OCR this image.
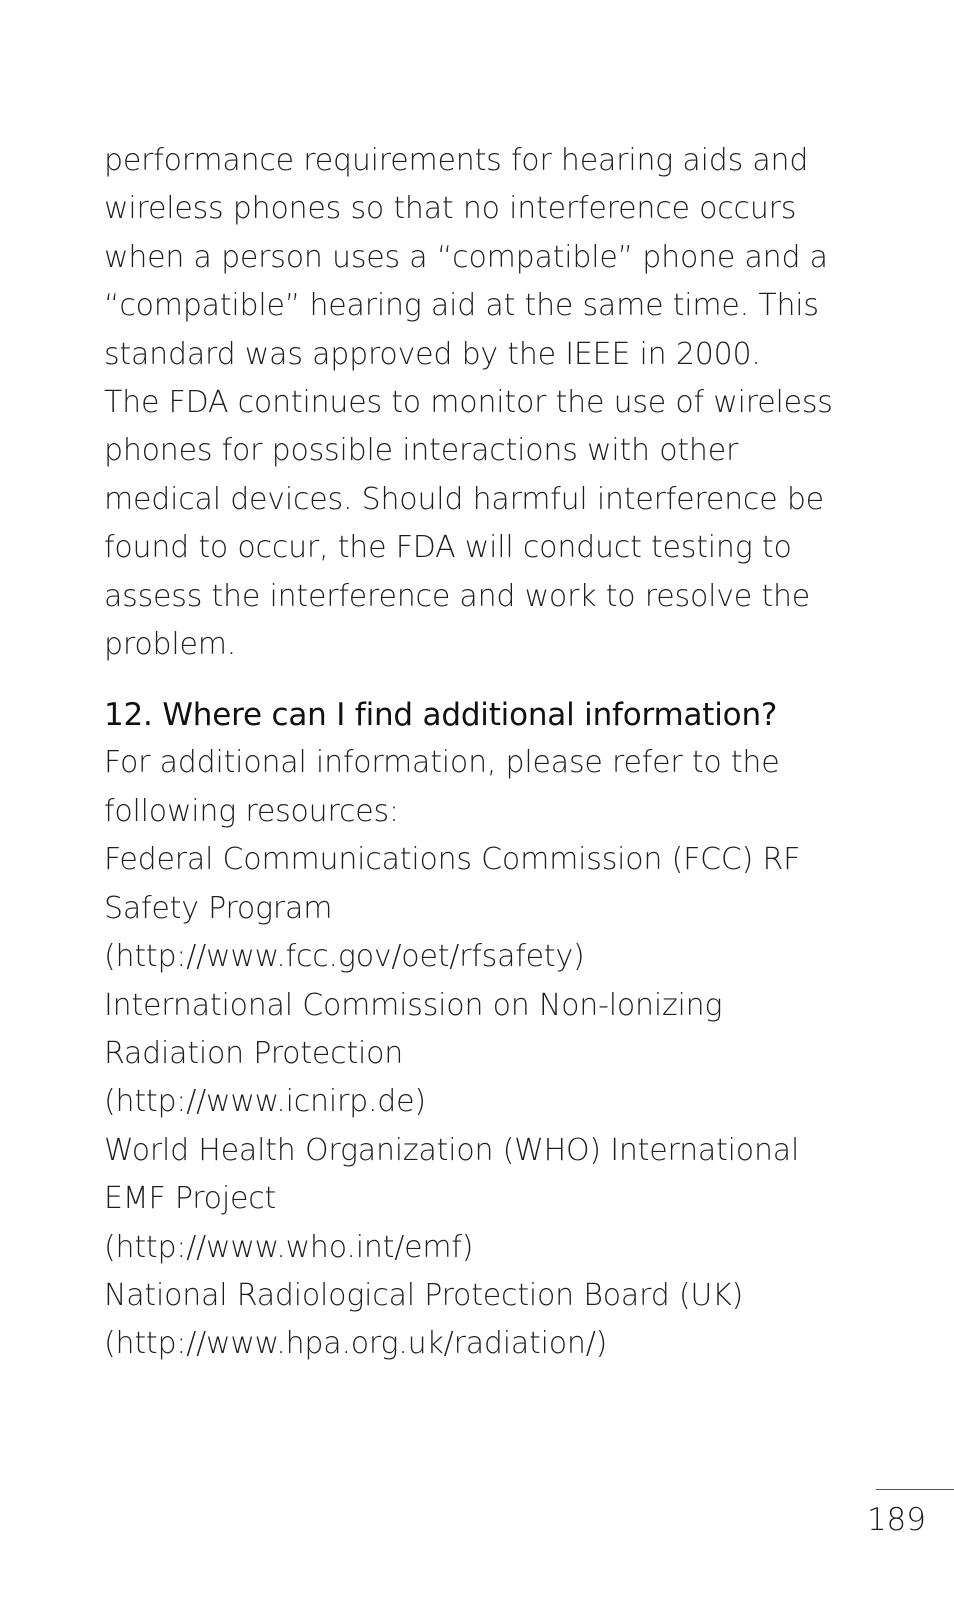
performance requirements for hearing aids and
wireless phones so that no interference occurs
when a person uses a “compatible” phone and a
“compatible” hearing aid at the same time. This
standard was approved by the IEEE in 2000.
The FDA continues to monitor the use of wireless
phones for possible interactions with other
medical devices. Should harmful interference be
found to occur, the FDA will conduct testing to
assess the interference and work to resolve the
problem.
12. Where can I find additional information?
For additional information, please refer to the
following resources:
Federal Communications Commission (FCC) RF
Safety Program
(http://www.fcc.gov/oet/rfsafety)
International Commission on Non-lonizing
Radiation Protection
(http://www.icnirp.de)
World Health Organization (WHO) International
EMF Project
(http://www.who.int/emf)
National Radiological Protection Board (UK)
(http://www.hpa.org.uk/radiation/)
189
